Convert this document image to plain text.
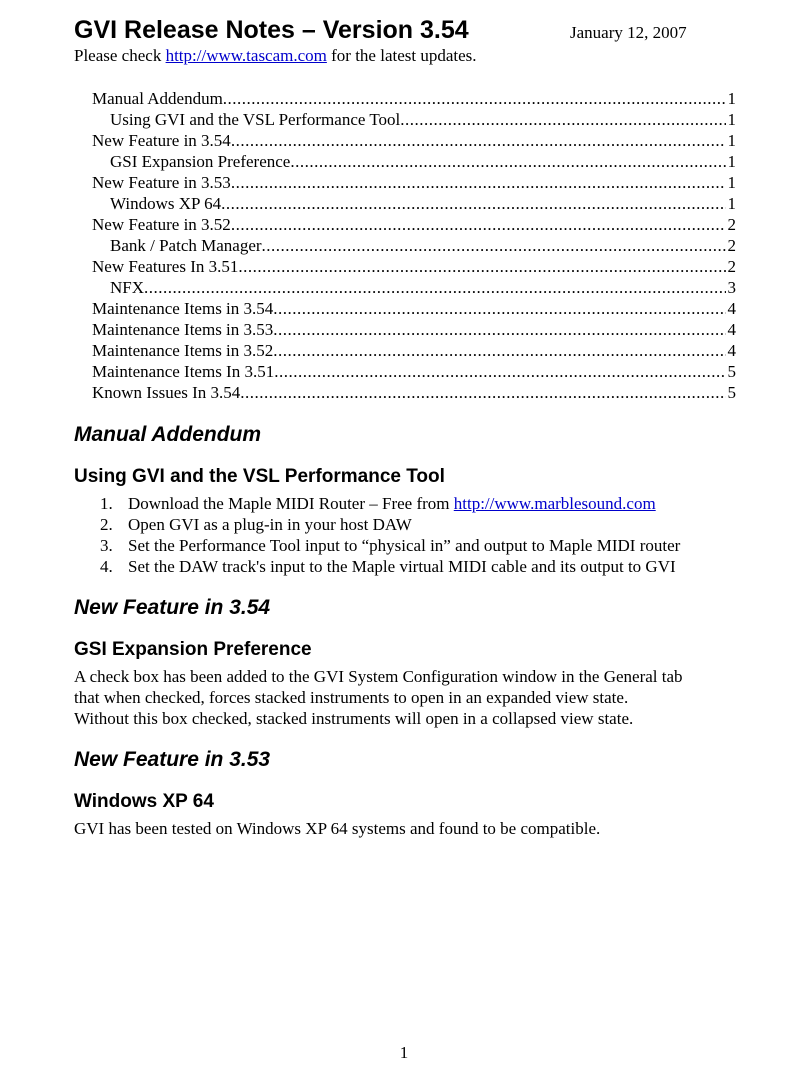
GVI Release Notes – Version 3.54	January 12, 2007
Please check http://www.tascam.com for the latest updates.
Manual Addendum .....	1
Using GVI and the VSL Performance Tool .....	1
New Feature in 3.54 .....	1
GSI Expansion Preference .....	1
New Feature in 3.53 .....	1
Windows XP 64 .....	1
New Feature in 3.52 .....	2
Bank / Patch Manager .....	2
New Features In 3.51 .....	2
NFX .....	3
Maintenance Items in 3.54 .....	4
Maintenance Items in 3.53 .....	4
Maintenance Items in 3.52 .....	4
Maintenance Items In 3.51 .....	5
Known Issues In 3.54 .....	5
Manual Addendum
Using GVI and the VSL Performance Tool
1. Download the Maple MIDI Router – Free from http://www.marblesound.com
2. Open GVI as a plug-in in your host DAW
3. Set the Performance Tool input to “physical in” and output to Maple MIDI router
4. Set the DAW track's input to the Maple virtual MIDI cable and its output to GVI
New Feature in 3.54
GSI Expansion Preference
A check box has been added to the GVI System Configuration window in the General tab
that when checked, forces stacked instruments to open in an expanded view state.
Without this box checked, stacked instruments will open in a collapsed view state.
New Feature in 3.53
Windows XP 64
GVI has been tested on Windows XP 64 systems and found to be compatible.
1
